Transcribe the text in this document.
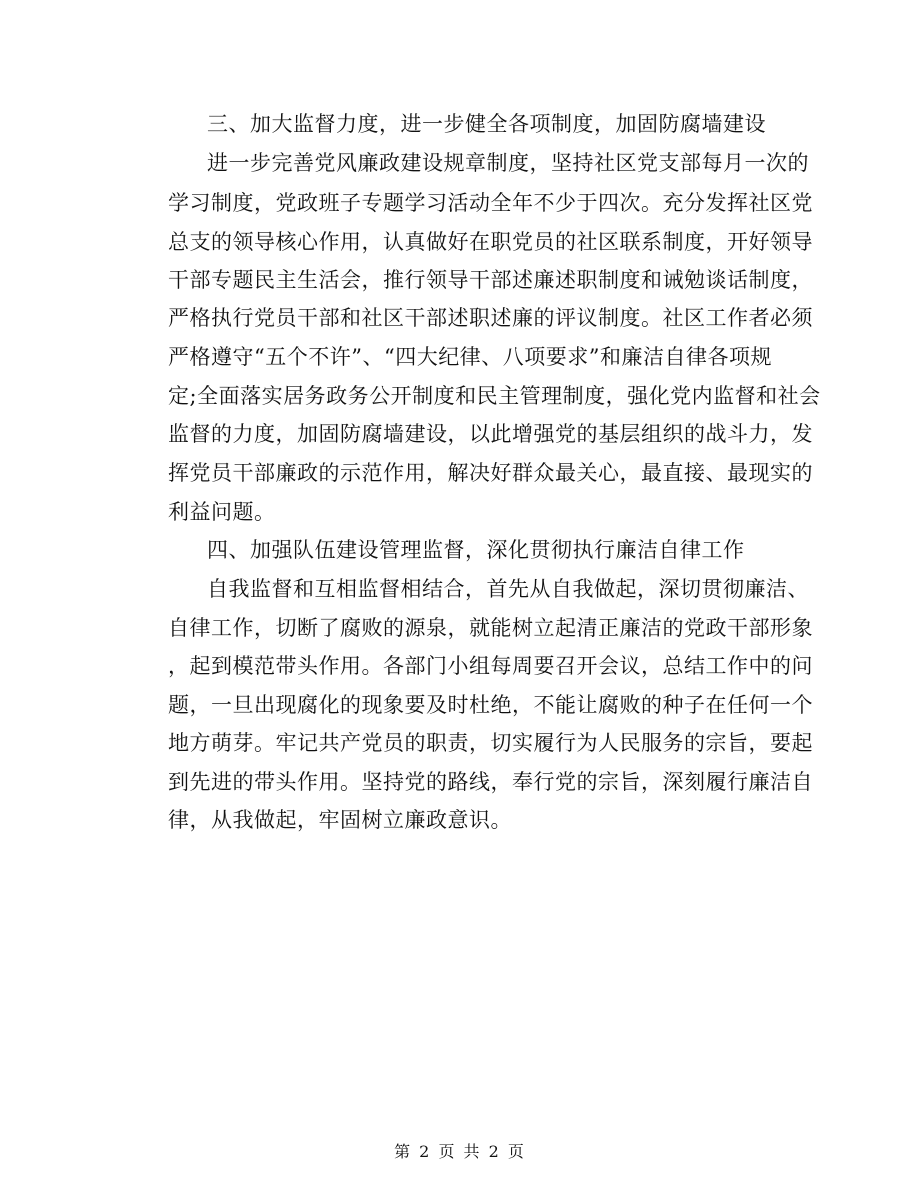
三、加大监督力度，进一步健全各项制度，加固防腐墙建设
进一步完善党风廉政建设规章制度，坚持社区党支部每月一次的
学习制度，党政班子专题学习活动全年不少于四次。充分发挥社区党
总支的领导核心作用，认真做好在职党员的社区联系制度，开好领导
干部专题民主生活会，推行领导干部述廉述职制度和诫勉谈话制度，
严格执行党员干部和社区干部述职述廉的评议制度。社区工作者必须
严格遵守“五个不许”、“四大纪律、八项要求”和廉洁自律各项规
定;全面落实居务政务公开制度和民主管理制度，强化党内监督和社会
监督的力度，加固防腐墙建设，以此增强党的基层组织的战斗力，发
挥党员干部廉政的示范作用，解决好群众最关心，最直接、最现实的
利益问题。
四、加强队伍建设管理监督，深化贯彻执行廉洁自律工作
自我监督和互相监督相结合，首先从自我做起，深切贯彻廉洁、
自律工作，切断了腐败的源泉，就能树立起清正廉洁的党政干部形象
，起到模范带头作用。各部门小组每周要召开会议，总结工作中的问
题，一旦出现腐化的现象要及时杜绝，不能让腐败的种子在任何一个
地方萌芽。牢记共产党员的职责，切实履行为人民服务的宗旨，要起
到先进的带头作用。坚持党的路线，奉行党的宗旨，深刻履行廉洁自
律，从我做起，牢固树立廉政意识。
第 2 页 共 2 页
